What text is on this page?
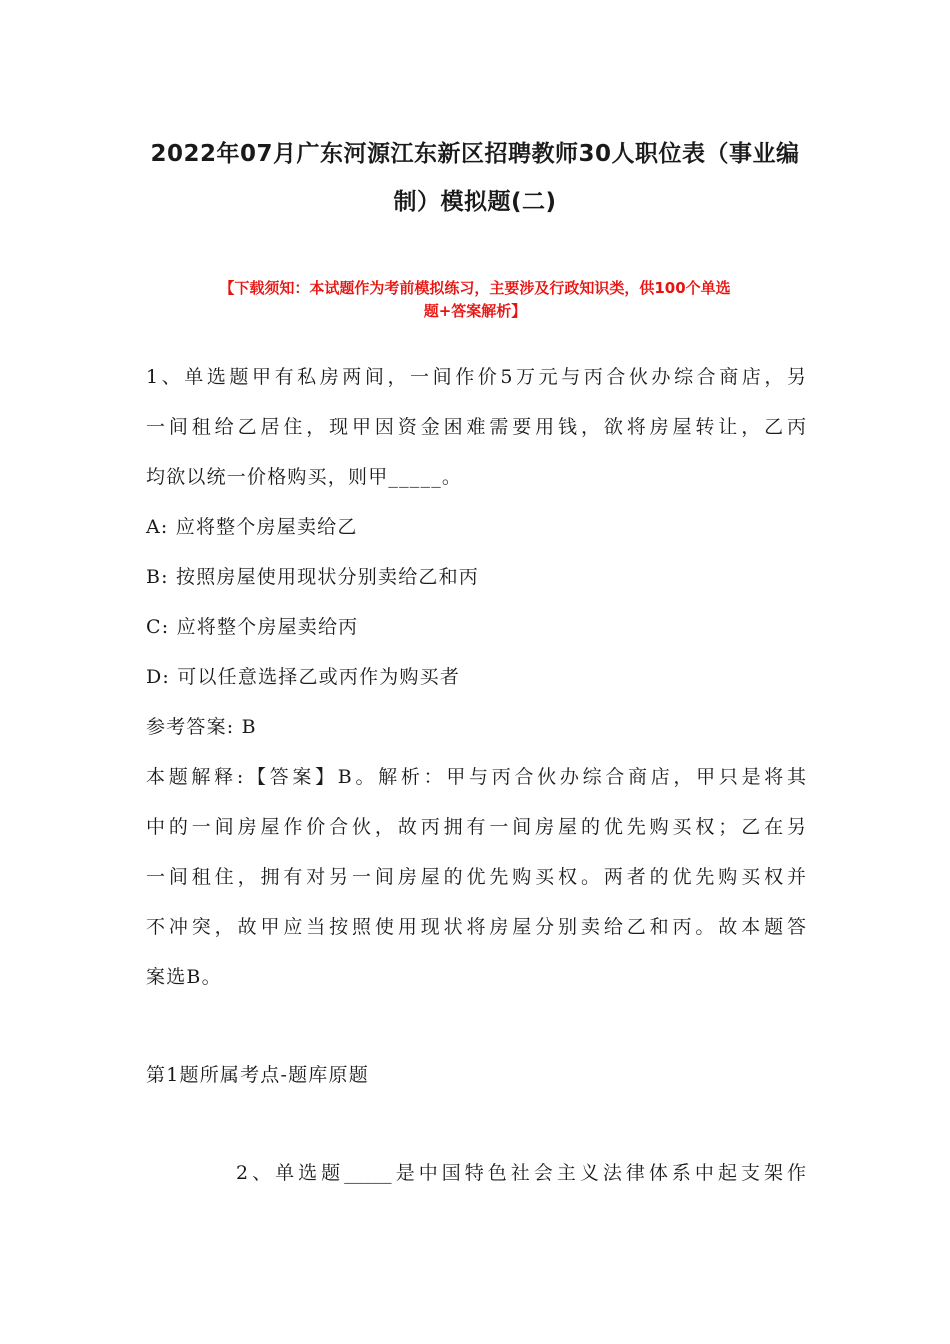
2022年07月广东河源江东新区招聘教师30人职位表（事业编
制）模拟题(二)
【下载须知：本试题作为考前模拟练习，主要涉及行政知识类，供100个单选
题+答案解析】
1、单选题甲有私房两间，一间作价5万元与丙合伙办综合商店，另
一间租给乙居住，现甲因资金困难需要用钱，欲将房屋转让，乙丙
均欲以统一价格购买，则甲_____。
A: 应将整个房屋卖给乙
B: 按照房屋使用现状分别卖给乙和丙
C: 应将整个房屋卖给丙
D: 可以任意选择乙或丙作为购买者
参考答案: B
本题解释:【答案】B。解析：甲与丙合伙办综合商店，甲只是将其
中的一间房屋作价合伙，故丙拥有一间房屋的优先购买权；乙在另
一间租住，拥有对另一间房屋的优先购买权。两者的优先购买权并
不冲突，故甲应当按照使用现状将房屋分别卖给乙和丙。故本题答
案选B。
第1题所属考点-题库原题
2、单选题_____是中国特色社会主义法律体系中起支架作
